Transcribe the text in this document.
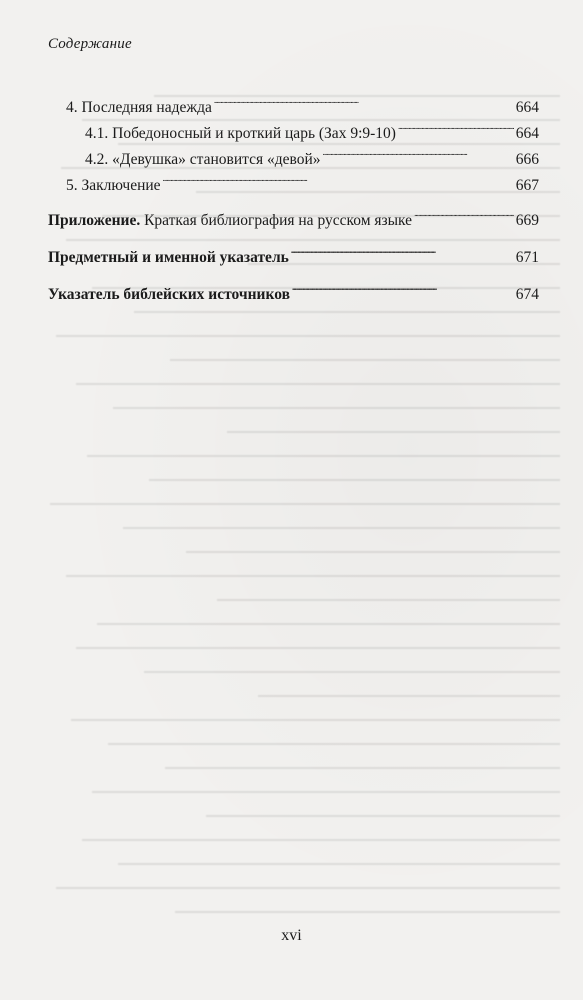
Содержание
4. Последняя надежда . . .	664
4.1. Победоносный и кроткий царь (Зах 9:9-10) . . .	664
4.2. «Девушка» становится «девой» . . .	666
5. Заключение . . .	667
Приложение. Краткая библиография на русском языке . . .	669
Предметный и именной указатель . . .	671
Указатель библейских источников . . .	674
xvi
